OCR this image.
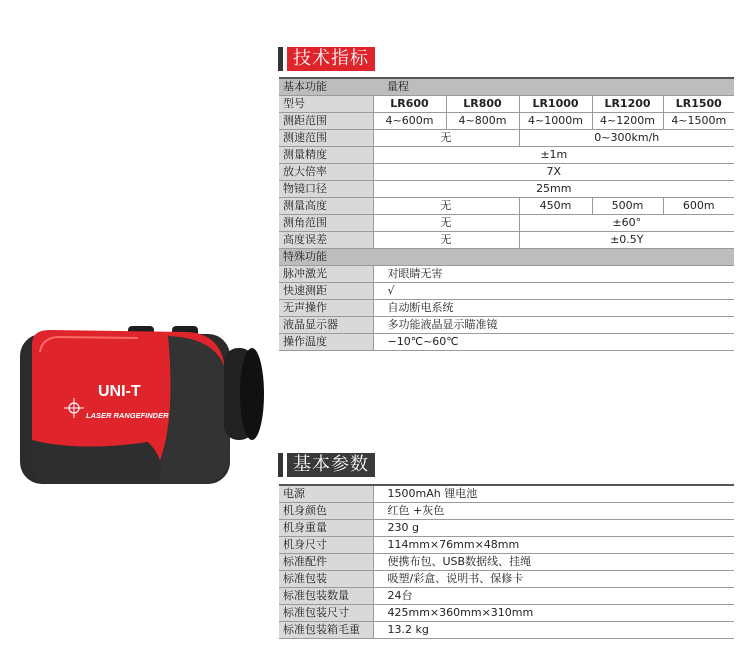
技术指标
基本功能	量程				
型号	LR600	LR800	LR1000	LR1200	LR1500
测距范围	4~600m	4~800m	4~1000m	4~1200m	4~1500m
测速范围	无		0~300km/h		
测量精度	±1m				
放大倍率	7X				
物镜口径	25mm				
测量高度	无		450m	500m	600m
测角范围	无		±60°		
高度误差	无		±0.5Y		
特殊功能					
脉冲激光	对眼睛无害				
快速测距	√				
无声操作	自动断电系统				
液晶显示器	多功能液晶显示瞄准镜				
操作温度	−10℃~60℃				
UNI-T
LASER RANGEFINDER
基本参数
电源	1500mAh 锂电池
机身颜色	红色 +灰色
机身重量	230 g
机身尺寸	114mm×76mm×48mm
标准配件	便携布包、USB数据线、挂绳
标准包装	吸塑/彩盒、说明书、保修卡
标准包装数量	24台
标准包装尺寸	425mm×360mm×310mm
标准包装箱毛重	13.2 kg
